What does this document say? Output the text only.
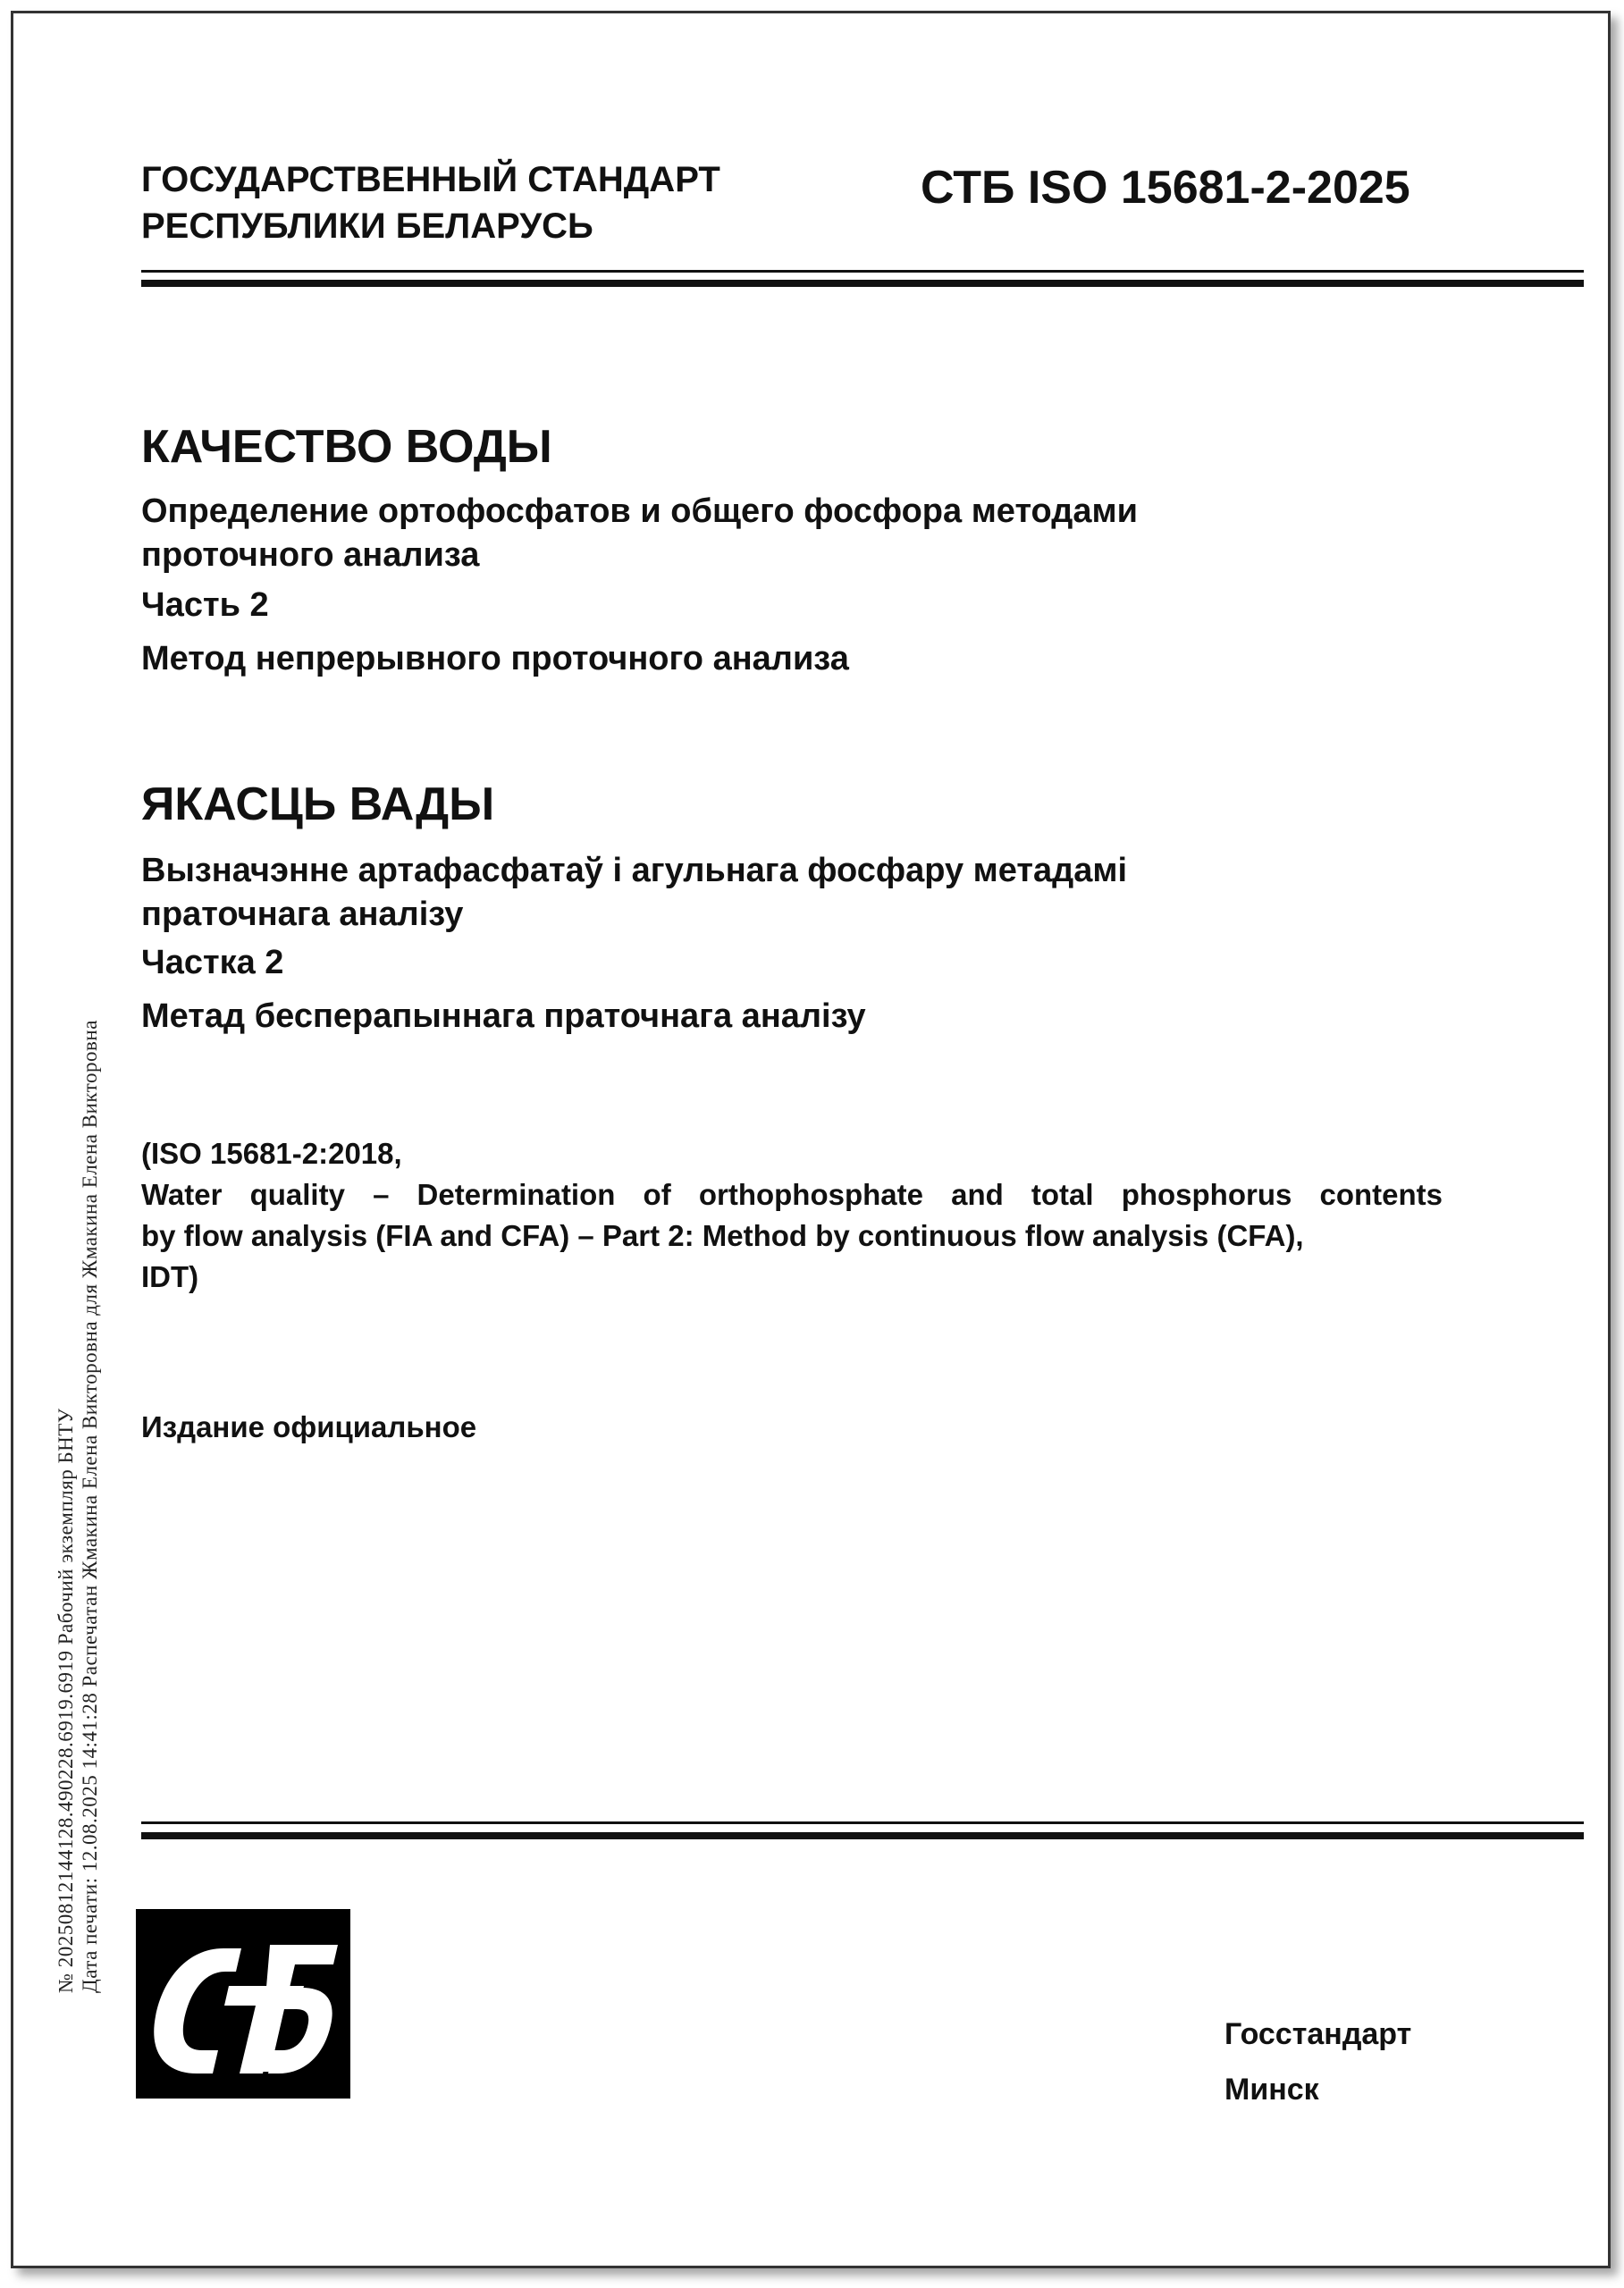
ГОСУДАРСТВЕННЫЙ СТАНДАРТ
РЕСПУБЛИКИ БЕЛАРУСЬ
СТБ ISO 15681-2-2025
КАЧЕСТВО ВОДЫ
Определение ортофосфатов и общего фосфора методами
проточного анализа
Часть 2
Метод непрерывного проточного анализа
ЯКАСЦЬ ВАДЫ
Вызначэнне артафасфатаў і агульнага фосфару метадамі
праточнага аналізу
Частка 2
Метад бесперапыннага праточнага аналізу
(ISO 15681-2:2018,
Water quality – Determination of orthophosphate and total phosphorus contents
by flow analysis (FIA and CFA) – Part 2: Method by continuous flow analysis (CFA),
IDT)
Издание официальное
№ 20250812144128.490228.6919.6919 Рабочий экземпляр БНТУ Дата печати: 12.08.2025 14:41:28 Распечатан Жмакина Елена Викторовна для Жмакина Елена Викторовна
Госстандарт
Минск
